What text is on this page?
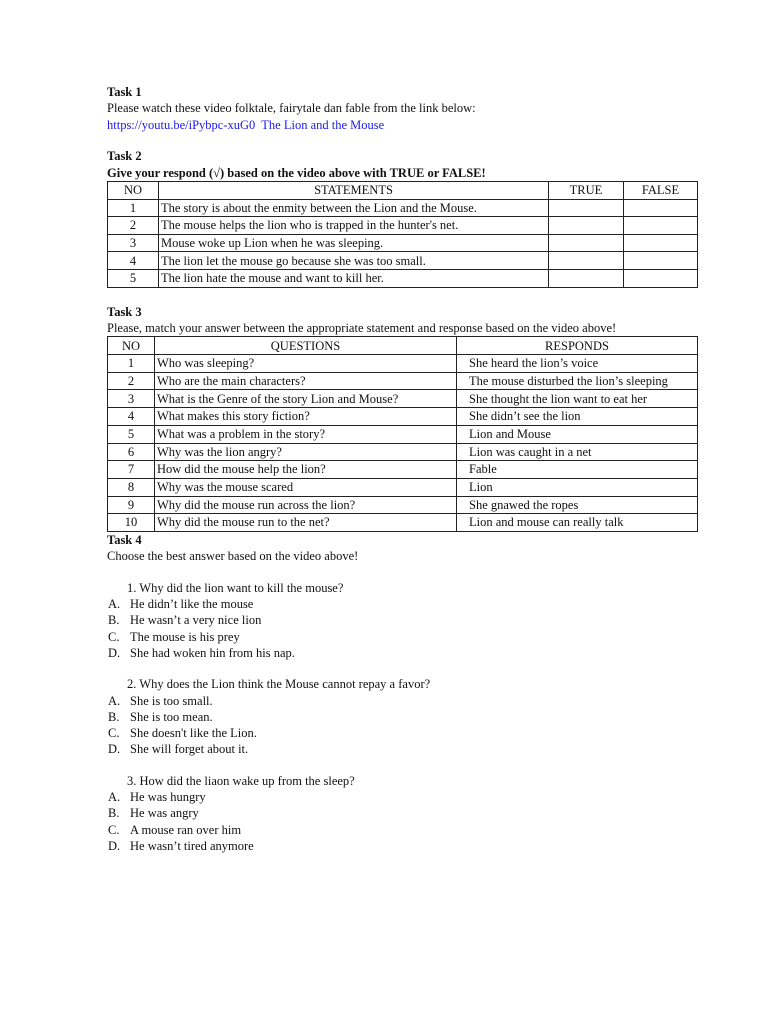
Task 1

Please watch these video folktale, fairytale dan fable from the link below:

https://youtu.be/iPybpc-xuG0 The Lion and the Mouse

Task 2

Give your respond (√) based on the video above with TRUE or FALSE!

NO	STATEMENTS	TRUE	FALSE
1	The story is about the enmity between the Lion and the Mouse.		
2	The mouse helps the lion who is trapped in the hunter's net.		
3	Mouse woke up Lion when he was sleeping.		
4	The lion let the mouse go because she was too small.		
5	The lion hate the mouse and want to kill her.		

Task 3

Please, match your answer between the appropriate statement and response based on the video above!

NO	QUESTIONS	RESPONDS
1	Who was sleeping?	She heard the lion’s voice
2	Who are the main characters?	The mouse disturbed the lion’s sleeping
3	What is the Genre of the story Lion and Mouse?	She thought the lion want to eat her
4	What makes this story fiction?	She didn’t see the lion
5	What was a problem in the story?	Lion and Mouse
6	Why was the lion angry?	Lion was caught in a net
7	How did the mouse help the lion?	Fable
8	Why was the mouse scared	Lion
9	Why did the mouse run across the lion?	She gnawed the ropes
10	Why did the mouse run to the net?	Lion and mouse can really talk

Task 4

Choose the best answer based on the video above!

1. Why did the lion want to kill the mouse?

A. He didn’t like the mouse

B. He wasn’t a very nice lion

C. The mouse is his prey

D. She had woken hin from his nap.

2. Why does the Lion think the Mouse cannot repay a favor?

A. She is too small.

B. She is too mean.

C. She doesn't like the Lion.

D. She will forget about it.

3. How did the liaon wake up from the sleep?

A. He was hungry

B. He was angry

C. A mouse ran over him

D. He wasn’t tired anymore
